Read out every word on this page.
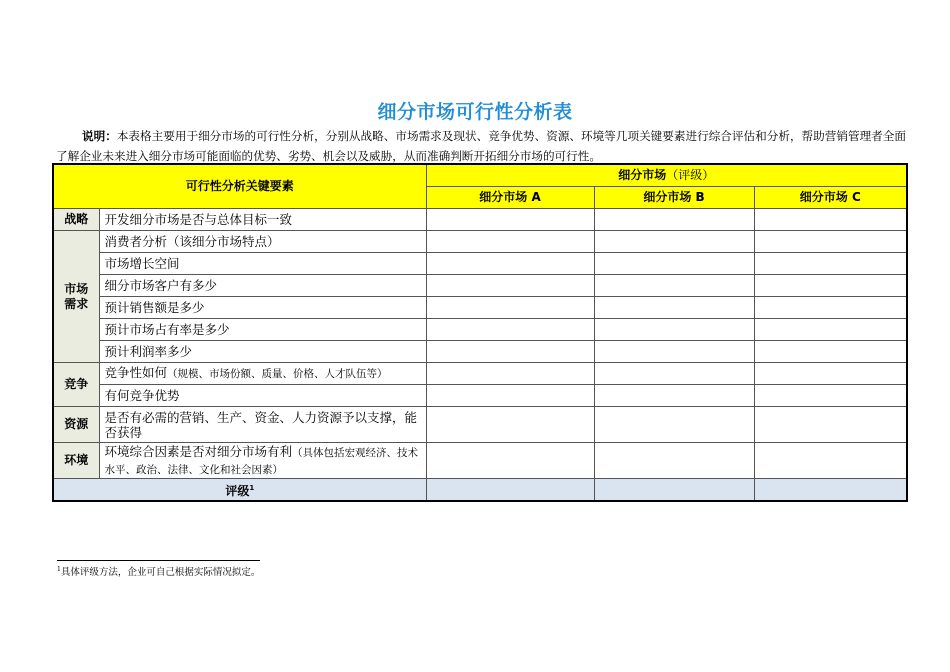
细分市场可行性分析表
说明：本表格主要用于细分市场的可行性分析，分别从战略、市场需求及现状、竞争优势、资源、环境等几项关键要素进行综合评估和分析，帮助营销管理者全面了解企业未来进入细分市场可能面临的优势、劣势、机会以及威胁，从而准确判断开拓细分市场的可行性。
可行性分析关键要素		细分市场（评级）		
		细分市场 A	细分市场 B	细分市场 C
战略	开发细分市场是否与总体目标一致			
市场需求	消费者分析（该细分市场特点）			
	市场增长空间			
	细分市场客户有多少			
	预计销售额是多少			
	预计市场占有率是多少			
	预计利润率多少			
竞争	竞争性如何（规模、市场份额、质量、价格、人才队伍等）			
	有何竞争优势			
资源	是否有必需的营销、生产、资金、人力资源予以支撑，能否获得			
环境	环境综合因素是否对细分市场有利（具体包括宏观经济、技术水平、政治、法律、文化和社会因素）			
评级$^1$			
$^1$具体评级方法，企业可自己根据实际情况拟定。
